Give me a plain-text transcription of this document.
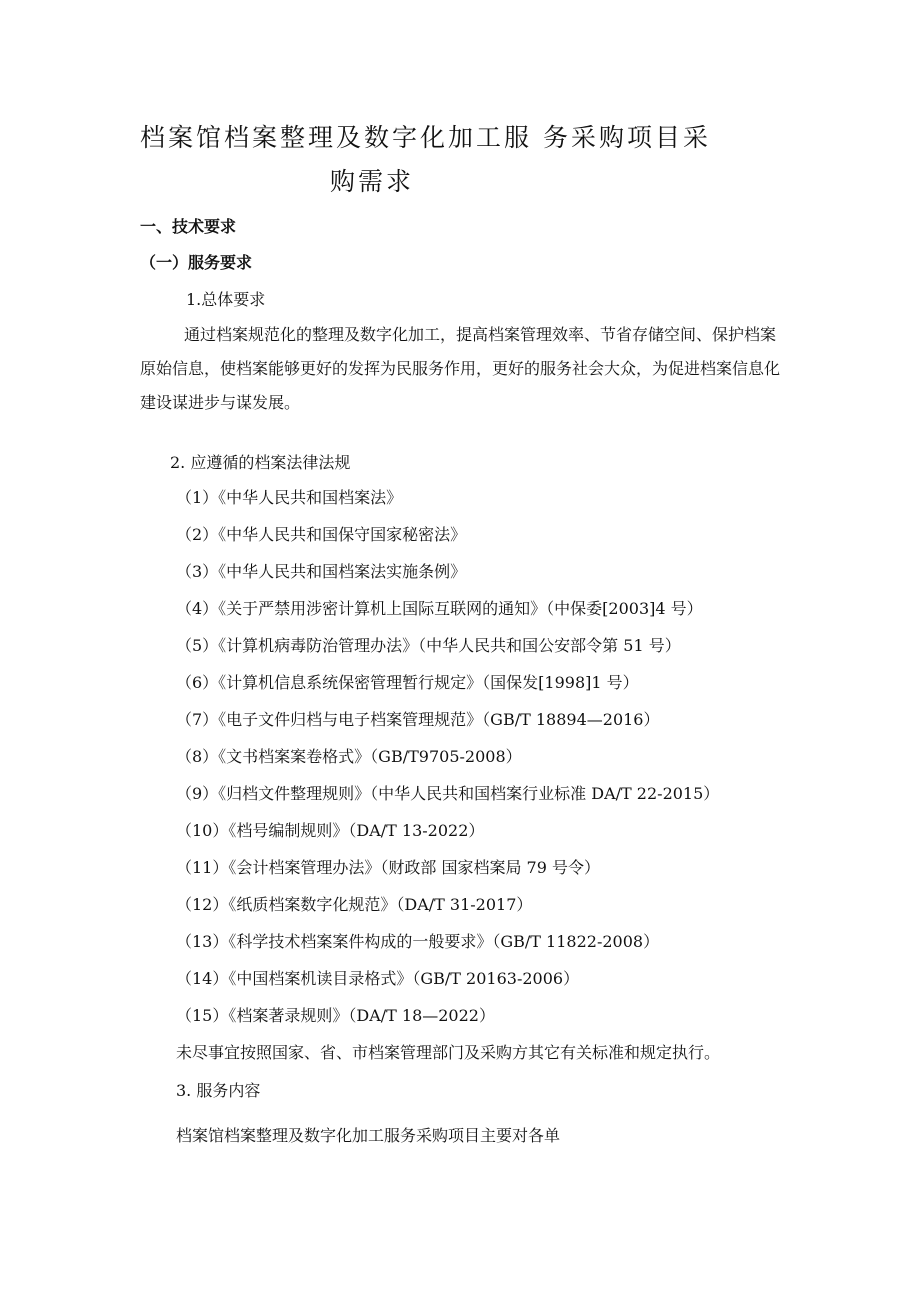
档案馆档案整理及数字化加工服 务采购项目采
购需求
一、技术要求
（一）服务要求
1.总体要求
通过档案规范化的整理及数字化加工，提高档案管理效率、节省存储空间、保护档案原始信息，使档案能够更好的发挥为民服务作用，更好的服务社会大众，为促进档案信息化建设谋进步与谋发展。
2. 应遵循的档案法律法规
（1）《中华人民共和国档案法》
（2）《中华人民共和国保守国家秘密法》
（3）《中华人民共和国档案法实施条例》
（4）《关于严禁用涉密计算机上国际互联网的通知》（中保委[2003]4 号）
（5）《计算机病毒防治管理办法》（中华人民共和国公安部令第 51 号）
（6）《计算机信息系统保密管理暂行规定》（国保发[1998]1 号）
（7）《电子文件归档与电子档案管理规范》（GB/T 18894—2016）
（8）《文书档案案卷格式》（GB/T9705-2008）
（9）《归档文件整理规则》（中华人民共和国档案行业标准 DA/T 22-2015）
（10）《档号编制规则》（DA/T 13-2022）
（11）《会计档案管理办法》（财政部 国家档案局 79 号令）
（12）《纸质档案数字化规范》（DA/T 31-2017）
（13）《科学技术档案案件构成的一般要求》（GB/T 11822-2008）
（14）《中国档案机读目录格式》（GB/T 20163-2006）
（15）《档案著录规则》（DA/T 18—2022）
未尽事宜按照国家、省、市档案管理部门及采购方其它有关标准和规定执行。
3. 服务内容
档案馆档案整理及数字化加工服务采购项目主要对各单
